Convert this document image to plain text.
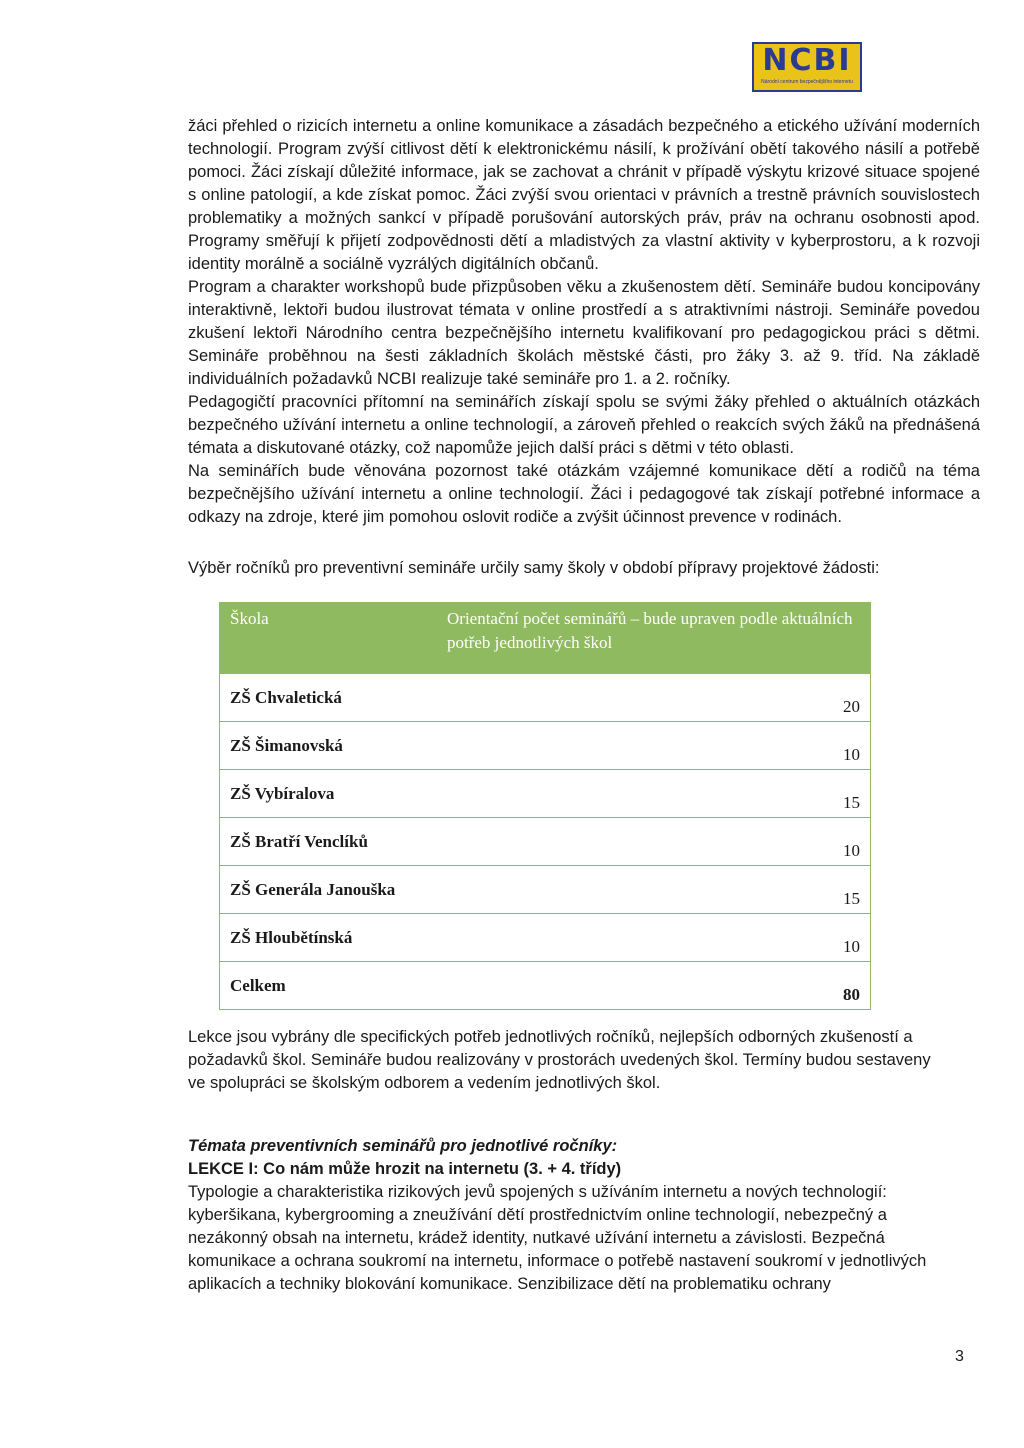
NCBI
Národní centrum bezpečnějšího internetu

žáci přehled o rizicích internetu a online komunikace a zásadách bezpečného a etického užívání moderních technologií. Program zvýší citlivost dětí k elektronickému násilí, k prožívání obětí takového násilí a potřebě pomoci. Žáci získají důležité informace, jak se zachovat a chránit v případě výskytu krizové situace spojené s online patologií, a kde získat pomoc. Žáci zvýší svou orientaci v právních a trestně právních souvislostech problematiky a možných sankcí v případě porušování autorských práv, práv na ochranu osobnosti apod. Programy směřují k přijetí zodpovědnosti dětí a mladistvých za vlastní aktivity v kyberprostoru, a k rozvoji identity morálně a sociálně vyzrálých digitálních občanů.

Program a charakter workshopů bude přizpůsoben věku a zkušenostem dětí. Semináře budou koncipovány interaktivně, lektoři budou ilustrovat témata v online prostředí a s atraktivními nástroji. Semináře povedou zkušení lektoři Národního centra bezpečnějšího internetu kvalifikovaní pro pedagogickou práci s dětmi. Semináře proběhnou na šesti základních školách městské části, pro žáky 3. až 9. tříd. Na základě individuálních požadavků NCBI realizuje také semináře pro 1. a 2. ročníky.

Pedagogičtí pracovníci přítomní na seminářích získají spolu se svými žáky přehled o aktuálních otázkách bezpečného užívání internetu a online technologií, a zároveň přehled o reakcích svých žáků na přednášená témata a diskutované otázky, což napomůže jejich další práci s dětmi v této oblasti.

Na seminářích bude věnována pozornost také otázkám vzájemné komunikace dětí a rodičů na téma bezpečnějšího užívání internetu a online technologií. Žáci i pedagogové tak získají potřebné informace a odkazy na zdroje, které jim pomohou oslovit rodiče a zvýšit účinnost prevence v rodinách.

Výběr ročníků pro preventivní semináře určily samy školy v období přípravy projektové žádosti:
Škola	Orientační počet seminářů – bude upraven podle aktuálních potřeb jednotlivých škol
ZŠ Chvaletická	20
ZŠ Šimanovská	10
ZŠ Vybíralova	15
ZŠ Bratří Venclíků	10
ZŠ Generála Janouška	15
ZŠ Hloubětínská	10
Celkem	80
Lekce jsou vybrány dle specifických potřeb jednotlivých ročníků, nejlepších odborných zkušeností a požadavků škol. Semináře budou realizovány v prostorách uvedených škol. Termíny budou sestaveny ve spolupráci se školským odborem a vedením jednotlivých škol.

Témata preventivních seminářů pro jednotlivé ročníky:

LEKCE I: Co nám může hrozit na internetu (3. + 4. třídy)

Typologie a charakteristika rizikových jevů spojených s užíváním internetu a nových technologií: kyberšikana, kybergrooming a zneužívání dětí prostřednictvím online technologií, nebezpečný a nezákonný obsah na internetu, krádež identity, nutkavé užívání internetu a závislosti. Bezpečná komunikace a ochrana soukromí na internetu, informace o potřebě nastavení soukromí v jednotlivých aplikacích a techniky blokování komunikace. Senzibilizace dětí na problematiku ochrany

3
